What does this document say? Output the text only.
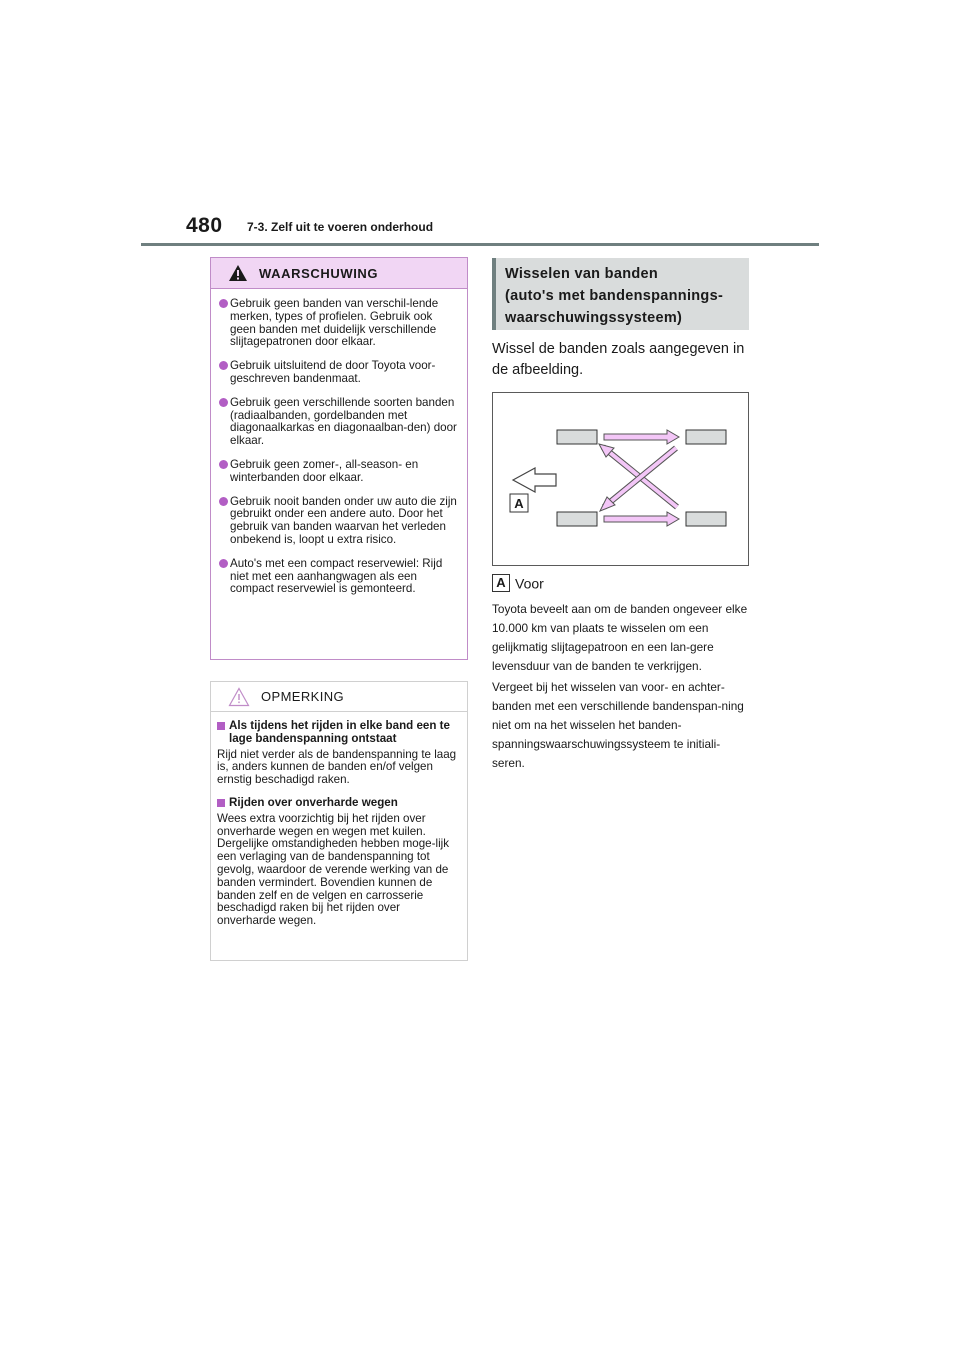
480 7-3. Zelf uit te voeren onderhoud
WAARSCHUWING
Gebruik geen banden van verschil-lende merken, types of profielen. Gebruik ook geen banden met duidelijk verschillende slijtagepatronen door elkaar.
Gebruik uitsluitend de door Toyota voor-geschreven bandenmaat.
Gebruik geen verschillende soorten banden (radiaalbanden, gordelbanden met diagonaalkarkas en diagonaalban-den) door elkaar.
Gebruik geen zomer-, all-season- en winterbanden door elkaar.
Gebruik nooit banden onder uw auto die zijn gebruikt onder een andere auto. Door het gebruik van banden waarvan het verleden onbekend is, loopt u extra risico.
Auto's met een compact reservewiel: Rijd niet met een aanhangwagen als een compact reservewiel is gemonteerd.
OPMERKING
Als tijdens het rijden in elke band een te lage bandenspanning ontstaat
Rijd niet verder als de bandenspanning te laag is, anders kunnen de banden en/of velgen ernstig beschadigd raken.
Rijden over onverharde wegen
Wees extra voorzichtig bij het rijden over onverharde wegen en wegen met kuilen. Dergelijke omstandigheden hebben moge-lijk een verlaging van de bandenspanning tot gevolg, waardoor de verende werking van de banden vermindert. Bovendien kunnen de banden zelf en de velgen en carrosserie beschadigd raken bij het rijden over onverharde wegen.
Wisselen van banden
(auto's met bandenspannings-
waarschuwingssysteem)
Wissel de banden zoals aangegeven in de afbeelding.
A
A Voor
Toyota beveelt aan om de banden ongeveer elke 10.000 km van plaats te wisselen om een gelijkmatig slijtagepatroon en een lan-gere levensduur van de banden te verkrijgen.
Vergeet bij het wisselen van voor- en achter-banden met een verschillende bandenspan-ning niet om na het wisselen het banden-spanningswaarschuwingssysteem te initiali-seren.
